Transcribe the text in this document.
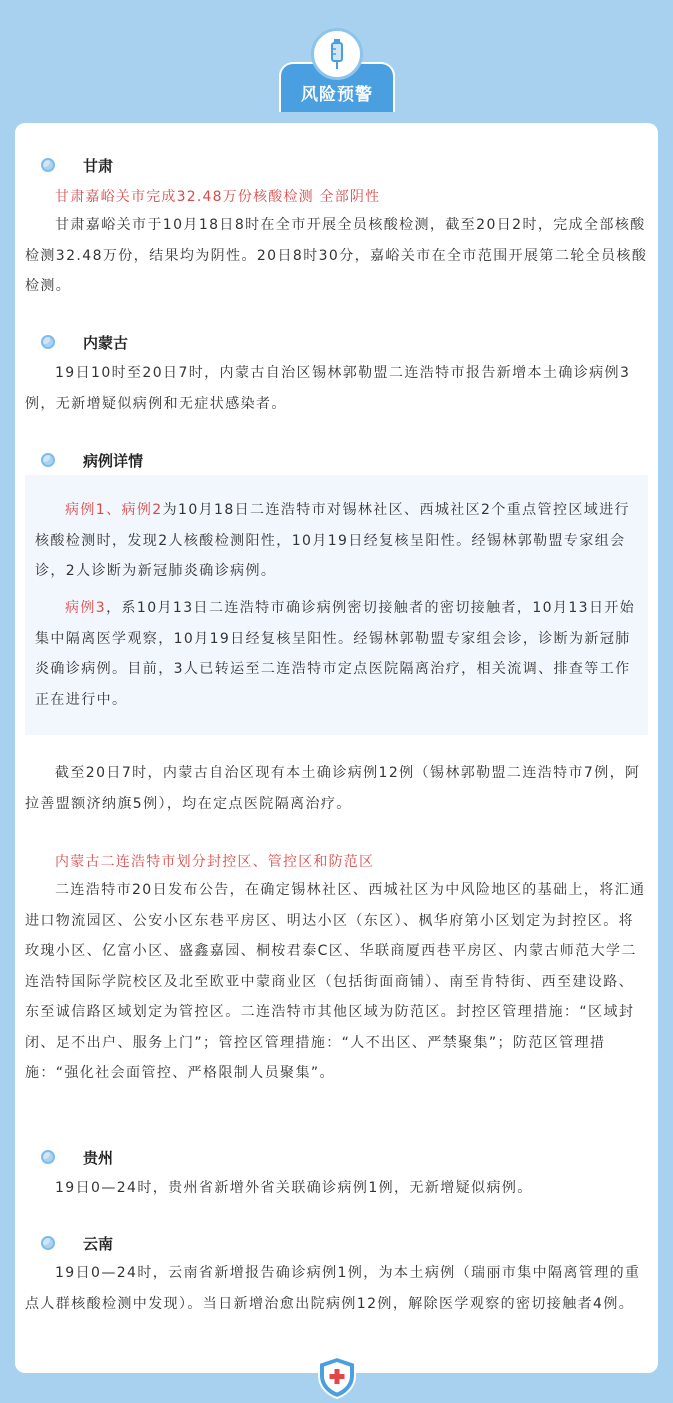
风险预警
甘肃

甘肃嘉峪关市完成32.48万份核酸检测 全部阴性

甘肃嘉峪关市于10月18日8时在全市开展全员核酸检测，截至20日2时，完成全部核酸检测32.48万份，结果均为阴性。20日8时30分，嘉峪关市在全市范围开展第二轮全员核酸检测。

内蒙古

19日10时至20日7时，内蒙古自治区锡林郭勒盟二连浩特市报告新增本土确诊病例3例，无新增疑似病例和无症状感染者。

病例详情

病例1、病例2为10月18日二连浩特市对锡林社区、西城社区2个重点管控区域进行核酸检测时，发现2人核酸检测阳性，10月19日经复核呈阳性。经锡林郭勒盟专家组会诊，2人诊断为新冠肺炎确诊病例。

病例3，系10月13日二连浩特市确诊病例密切接触者的密切接触者，10月13日开始集中隔离医学观察，10月19日经复核呈阳性。经锡林郭勒盟专家组会诊，诊断为新冠肺炎确诊病例。目前，3人已转运至二连浩特市定点医院隔离治疗，相关流调、排查等工作正在进行中。

截至20日7时，内蒙古自治区现有本土确诊病例12例（锡林郭勒盟二连浩特市7例，阿拉善盟额济纳旗5例），均在定点医院隔离治疗。

内蒙古二连浩特市划分封控区、管控区和防范区

二连浩特市20日发布公告，在确定锡林社区、西城社区为中风险地区的基础上，将汇通进口物流园区、公安小区东巷平房区、明达小区（东区）、枫华府第小区划定为封控区。将玫瑰小区、亿富小区、盛鑫嘉园、桐桉君泰C区、华联商厦西巷平房区、内蒙古师范大学二连浩特国际学院校区及北至欧亚中蒙商业区（包括街面商铺）、南至肯特街、西至建设路、东至诚信路区域划定为管控区。二连浩特市其他区域为防范区。封控区管理措施：“区域封闭、足不出户、服务上门”；管控区管理措施：“人不出区、严禁聚集”；防范区管理措施：“强化社会面管控、严格限制人员聚集”。

贵州

19日0—24时，贵州省新增外省关联确诊病例1例，无新增疑似病例。

云南

19日0—24时，云南省新增报告确诊病例1例，为本土病例（瑞丽市集中隔离管理的重点人群核酸检测中发现）。当日新增治愈出院病例12例，解除医学观察的密切接触者4例。
